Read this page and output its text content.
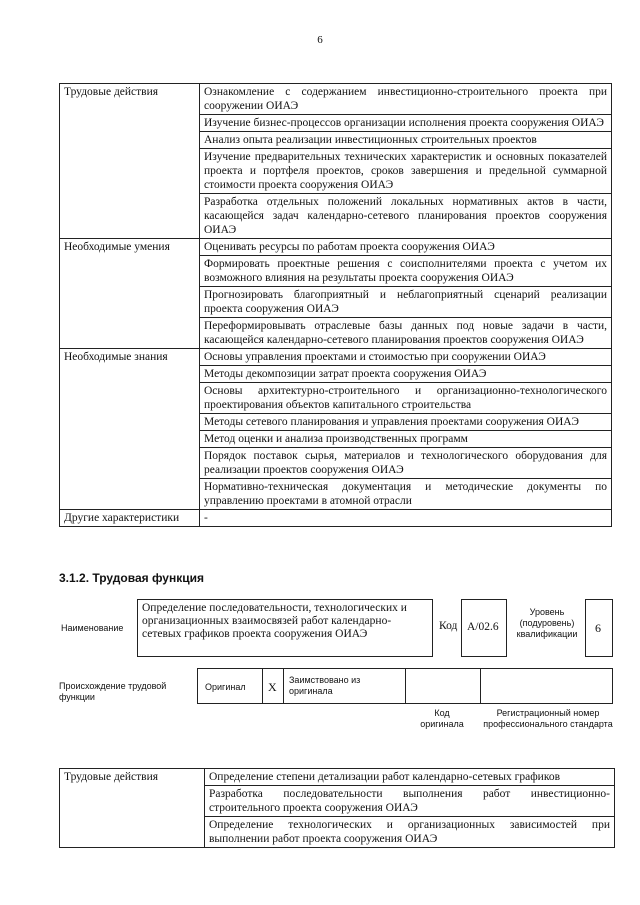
6
Трудовые действия	Ознакомление с содержанием инвестиционно-строительного проекта при сооружении ОИАЭ
	Изучение бизнес-процессов организации исполнения проекта сооружения ОИАЭ
	Анализ опыта реализации инвестиционных строительных проектов
	Изучение предварительных технических характеристик и основных показателей проекта и портфеля проектов, сроков завершения и предельной суммарной стоимости проекта сооружения ОИАЭ
	Разработка отдельных положений локальных нормативных актов в части, касающейся задач календарно-сетевого планирования проектов сооружения ОИАЭ
Необходимые умения	Оценивать ресурсы по работам проекта сооружения ОИАЭ
	Формировать проектные решения с соисполнителями проекта с учетом их возможного влияния на результаты проекта сооружения ОИАЭ
	Прогнозировать благоприятный и неблагоприятный сценарий реализации проекта сооружения ОИАЭ
	Переформировывать отраслевые базы данных под новые задачи в части, касающейся календарно-сетевого планирования проектов сооружения ОИАЭ
Необходимые знания	Основы управления проектами и стоимостью при сооружении ОИАЭ
	Методы декомпозиции затрат проекта сооружения ОИАЭ
	Основы архитектурно-строительного и организационно-технологического проектирования объектов капитального строительства
	Методы сетевого планирования и управления проектами сооружения ОИАЭ
	Метод оценки и анализа производственных программ
	Порядок поставок сырья, материалов и технологического оборудования для реализации проектов сооружения ОИАЭ
	Нормативно-техническая документация и методические документы по управлению проектами в атомной отрасли
Другие характеристики	-
3.1.2. Трудовая функция
Наименование
Определение последовательности, технологических и организационных взаимосвязей работ календарно-сетевых графиков проекта сооружения ОИАЭ
Код A/02.6
Уровень (подуровень) квалификации	6
Происхождение трудовой функции
Оригинал X Заимствовано из оригинала
Код оригинала
Регистрационный номер профессионального стандарта
Трудовые действия	Определение степени детализации работ календарно-сетевых графиков
Разработка последовательности выполнения работ инвестиционно-строительного проекта сооружения ОИАЭ
Определение технологических и организационных зависимостей при выполнении работ проекта сооружения ОИАЭ
